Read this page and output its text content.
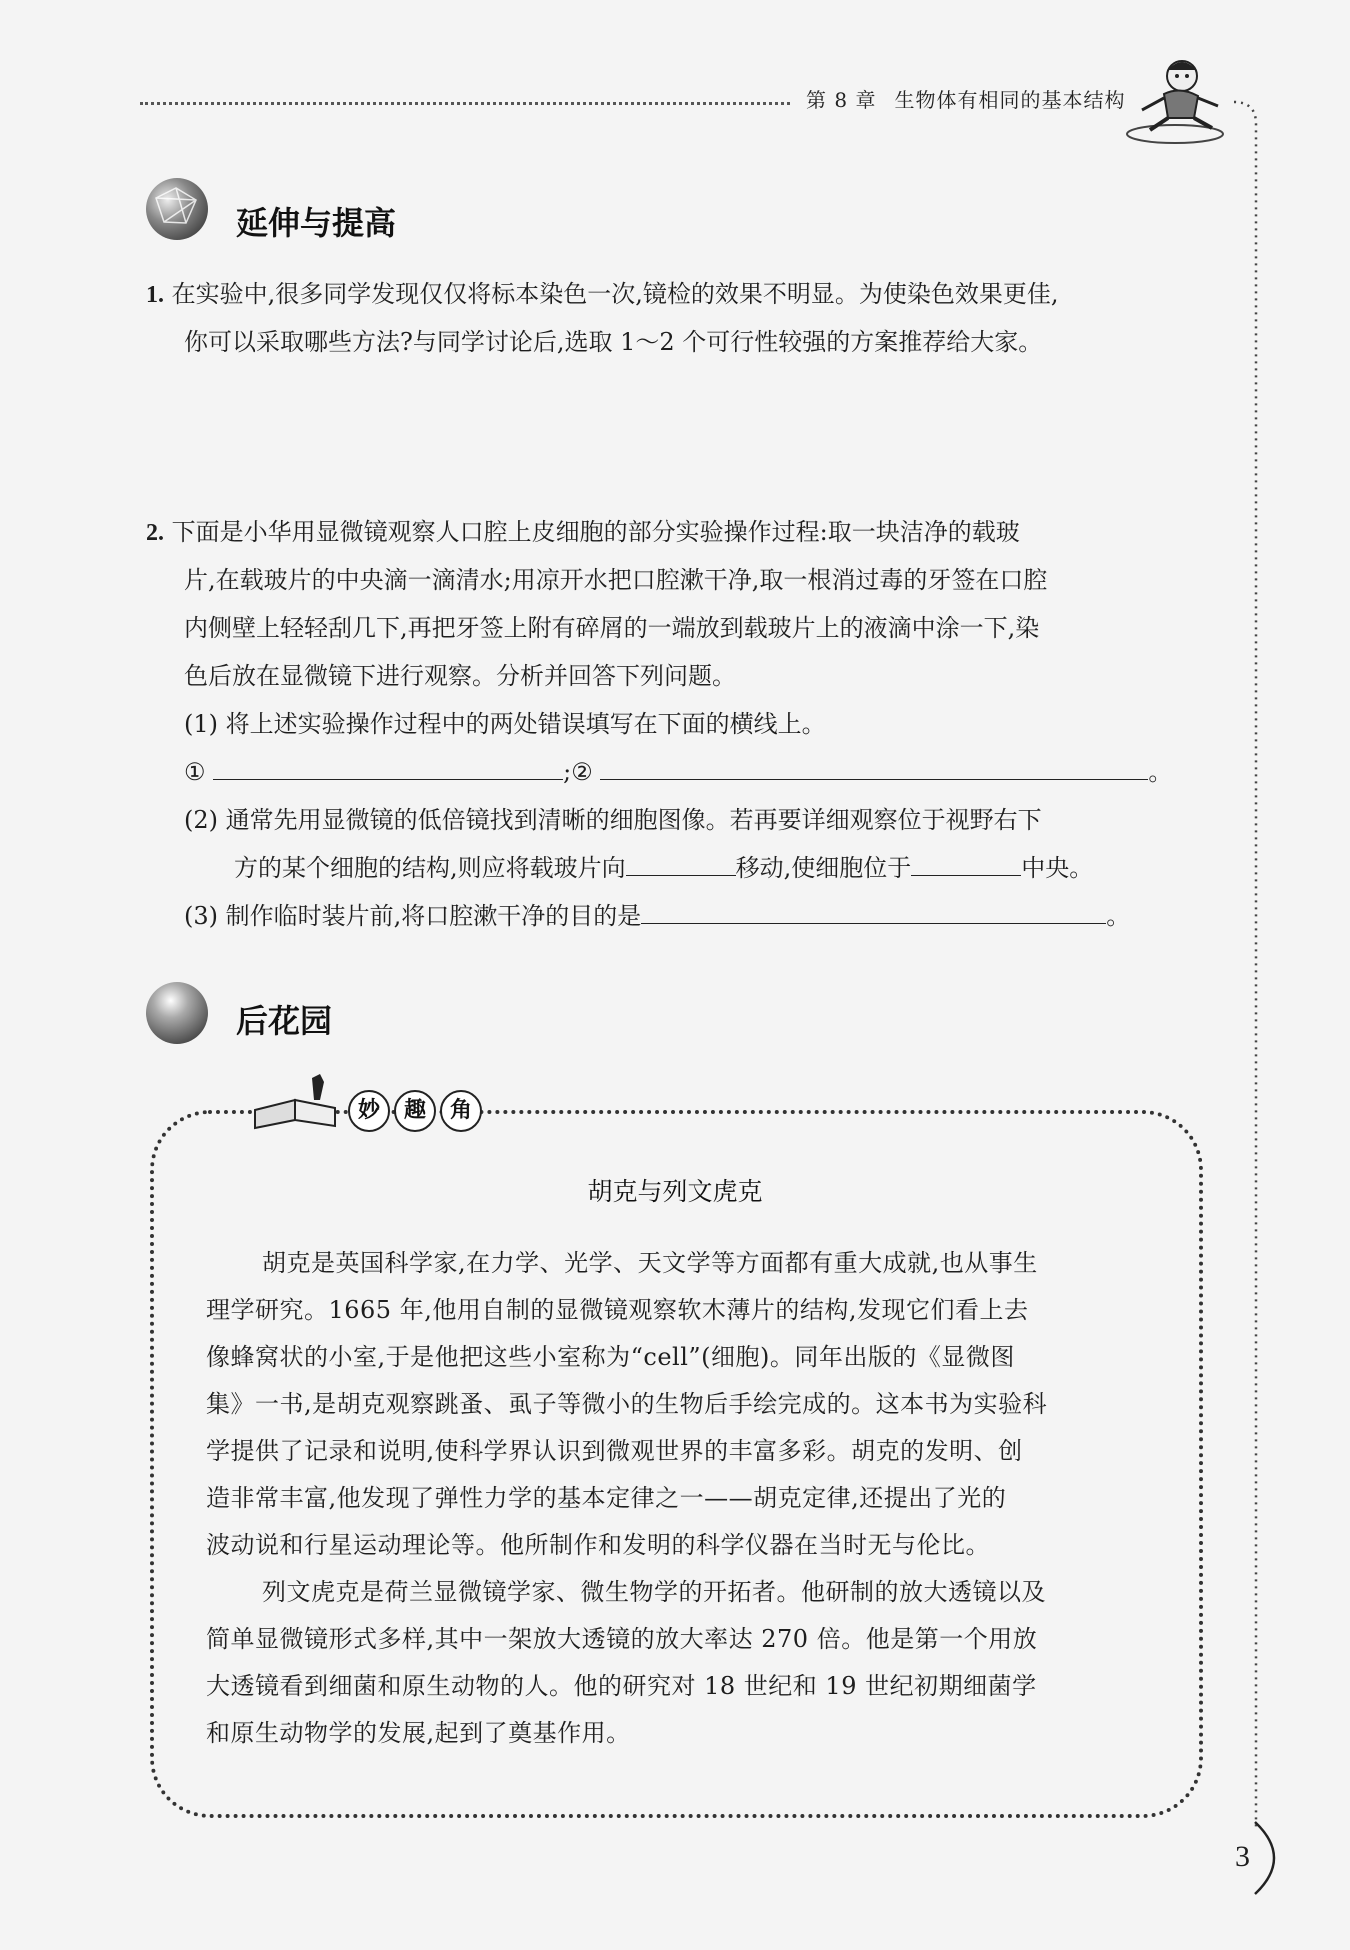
第 8 章 生物体有相同的基本结构
延伸与提高
1. 在实验中,很多同学发现仅仅将标本染色一次,镜检的效果不明显。为使染色效果更佳,
你可以采取哪些方法?与同学讨论后,选取 1～2 个可行性较强的方案推荐给大家。
2. 下面是小华用显微镜观察人口腔上皮细胞的部分实验操作过程:取一块洁净的载玻
片,在载玻片的中央滴一滴清水;用凉开水把口腔漱干净,取一根消过毒的牙签在口腔
内侧壁上轻轻刮几下,再把牙签上附有碎屑的一端放到载玻片上的液滴中涂一下,染
色后放在显微镜下进行观察。分析并回答下列问题。
(1) 将上述实验操作过程中的两处错误填写在下面的横线上。
①	;②	。
(2) 通常先用显微镜的低倍镜找到清晰的细胞图像。若再要详细观察位于视野右下
方的某个细胞的结构,则应将载玻片向	移动,使细胞位于	中央。
(3) 制作临时装片前,将口腔漱干净的目的是	。
后花园
妙	趣	角
胡克与列文虎克
胡克是英国科学家,在力学、光学、天文学等方面都有重大成就,也从事生
理学研究。1665 年,他用自制的显微镜观察软木薄片的结构,发现它们看上去
像蜂窝状的小室,于是他把这些小室称为“cell”(细胞)。同年出版的《显微图
集》一书,是胡克观察跳蚤、虱子等微小的生物后手绘完成的。这本书为实验科
学提供了记录和说明,使科学界认识到微观世界的丰富多彩。胡克的发明、创
造非常丰富,他发现了弹性力学的基本定律之一——胡克定律,还提出了光的
波动说和行星运动理论等。他所制作和发明的科学仪器在当时无与伦比。
列文虎克是荷兰显微镜学家、微生物学的开拓者。他研制的放大透镜以及
简单显微镜形式多样,其中一架放大透镜的放大率达 270 倍。他是第一个用放
大透镜看到细菌和原生动物的人。他的研究对 18 世纪和 19 世纪初期细菌学
和原生动物学的发展,起到了奠基作用。
3
